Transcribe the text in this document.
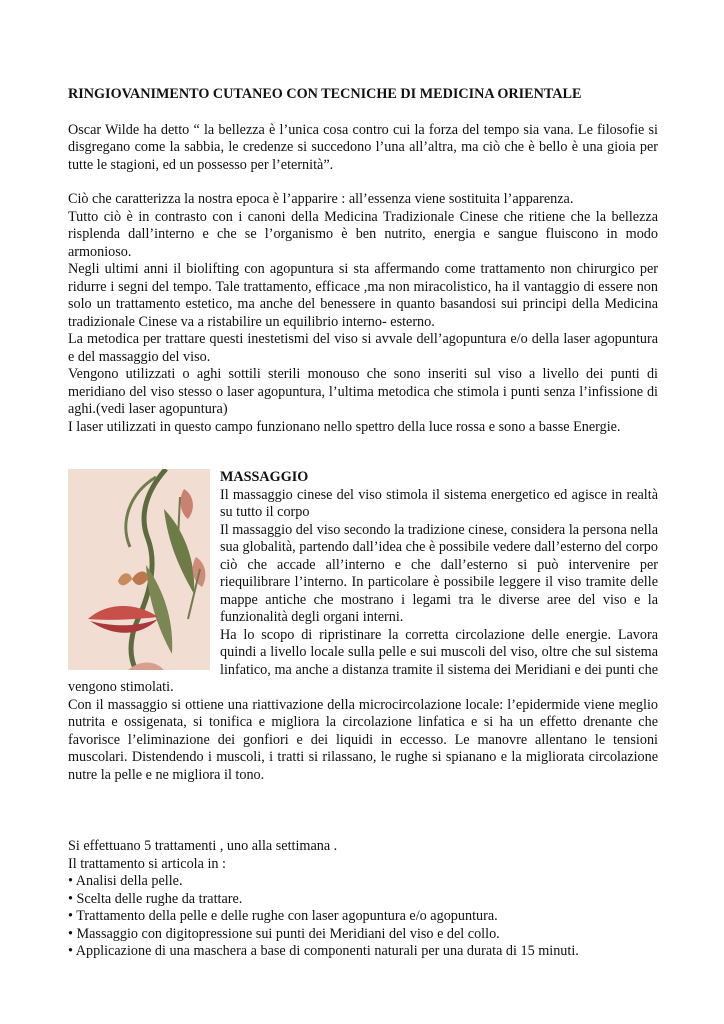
RINGIOVANIMENTO CUTANEO CON TECNICHE DI MEDICINA ORIENTALE

Oscar Wilde ha detto “ la bellezza è l’unica cosa contro cui la forza del tempo sia vana. Le filosofie si disgregano come la sabbia, le credenze si succedono l’una all’altra, ma ciò che è bello è una gioia per tutte le stagioni, ed un possesso per l’eternità”.

Ciò che caratterizza la nostra epoca è l’apparire : all’essenza viene sostituita l’apparenza.

Tutto ciò è in contrasto con i canoni della Medicina Tradizionale Cinese che ritiene che la bellezza risplenda dall’interno e che se l’organismo è ben nutrito, energia e sangue fluiscono in modo armonioso.

Negli ultimi anni il biolifting con agopuntura si sta affermando come trattamento non chirurgico per ridurre i segni del tempo. Tale trattamento, efficace ,ma non miracolistico, ha il vantaggio di essere non solo un trattamento estetico, ma anche del benessere in quanto basandosi sui principi della Medicina tradizionale Cinese va a ristabilire un equilibrio interno- esterno.

La metodica per trattare questi inestetismi del viso si avvale dell’agopuntura e/o della laser agopuntura e del massaggio del viso.

Vengono utilizzati o aghi sottili sterili monouso che sono inseriti sul viso a livello dei punti di meridiano del viso stesso o laser agopuntura, l’ultima metodica che stimola i punti senza l’infissione di aghi.(vedi laser agopuntura)

I laser utilizzati in questo campo funzionano nello spettro della luce rossa e sono a basse Energie.

MASSAGGIO

Il massaggio cinese del viso stimola il sistema energetico ed agisce in realtà su tutto il corpo

Il massaggio del viso secondo la tradizione cinese, considera la persona nella sua globalità, partendo dall’idea che è possibile vedere dall’esterno del corpo ciò che accade all’interno e che dall’esterno si può intervenire per riequilibrare l’interno. In particolare è possibile leggere il viso tramite delle mappe antiche che mostrano i legami tra le diverse aree del viso e la funzionalità degli organi interni.

Ha lo scopo di ripristinare la corretta circolazione delle energie. Lavora quindi a livello locale sulla pelle e sui muscoli del viso, oltre che sul sistema linfatico, ma anche a distanza tramite il sistema dei Meridiani e dei punti che vengono stimolati.

Con il massaggio si ottiene una riattivazione della microcircolazione locale: l’epidermide viene meglio nutrita e ossigenata, si tonifica e migliora la circolazione linfatica e si ha un effetto drenante che favorisce l’eliminazione dei gonfiori e dei liquidi in eccesso. Le manovre allentano le tensioni muscolari. Distendendo i muscoli, i tratti si rilassano, le rughe si spianano e la migliorata circolazione nutre la pelle e ne migliora il tono.

Si effettuano 5 trattamenti , uno alla settimana .

Il trattamento si articola in :

• Analisi della pelle.
• Scelta delle rughe da trattare.
• Trattamento della pelle e delle rughe con laser agopuntura e/o agopuntura.
• Massaggio con digitopressione sui punti dei Meridiani del viso e del collo.
• Applicazione di una maschera a base di componenti naturali per una durata di 15 minuti.
